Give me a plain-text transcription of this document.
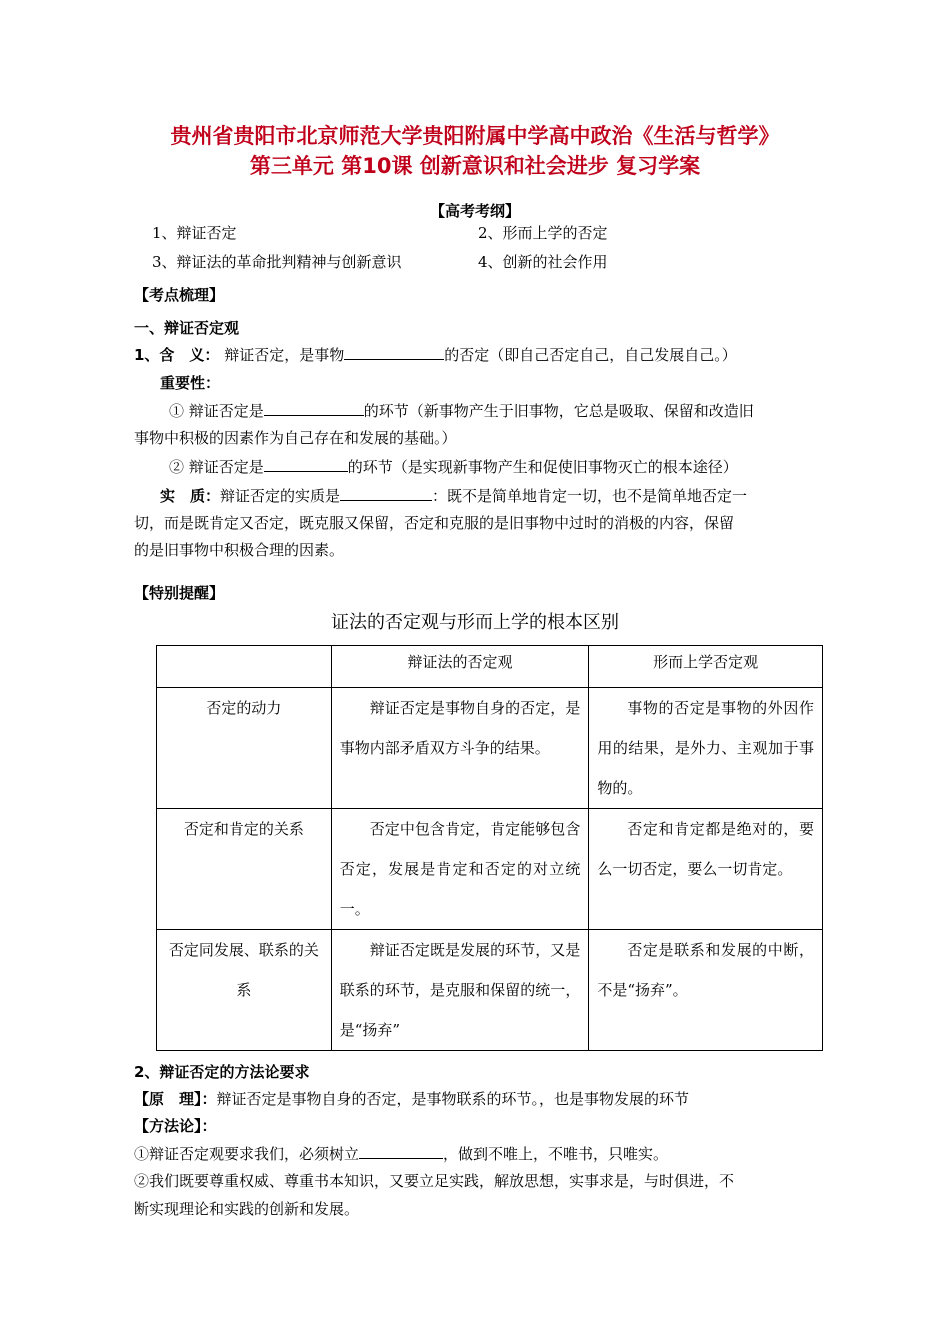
贵州省贵阳市北京师范大学贵阳附属中学高中政治《生活与哲学》
第三单元 第10课 创新意识和社会进步 复习学案
【高考考纲】
1、辩证否定	2、形而上学的否定
3、辩证法的革命批判精神与创新意识	4、创新的社会作用
【考点梳理】
一、辩证否定观
1、含　义： 辩证否定，是事物	的否定（即自己否定自己，自己发展自己。）
重要性：
① 辩证否定是	的环节（新事物产生于旧事物，它总是吸取、保留和改造旧
事物中积极的因素作为自己存在和发展的基础。）
② 辩证否定是	的环节（是实现新事物产生和促使旧事物灭亡的根本途径）
实　质：辩证否定的实质是	：既不是简单地肯定一切，也不是简单地否定一
切，而是既肯定又否定，既克服又保留，否定和克服的是旧事物中过时的消极的内容，保留
的是旧事物中积极合理的因素。
【特别提醒】
证法的否定观与形而上学的根本区别
	辩证法的否定观	形而上学否定观
否定的动力	辩证否定是事物自身的否定，是事物内部矛盾双方斗争的结果。	事物的否定是事物的外因作用的结果，是外力、主观加于事物的。
否定和肯定的关系	否定中包含肯定，肯定能够包含否定，发展是肯定和否定的对立统一。	否定和肯定都是绝对的，要么一切否定，要么一切肯定。
否定同发展、联系的关系	辩证否定既是发展的环节，又是联系的环节，是克服和保留的统一，是“扬弃”	否定是联系和发展的中断，不是“扬弃”。
2、辩证否定的方法论要求
【原　理】：辩证否定是事物自身的否定，是事物联系的环节。，也是事物发展的环节
【方法论】：
①辩证否定观要求我们，必须树立	，做到不唯上，不唯书，只唯实。
②我们既要尊重权威、尊重书本知识，又要立足实践，解放思想，实事求是，与时俱进，不
断实现理论和实践的创新和发展。
